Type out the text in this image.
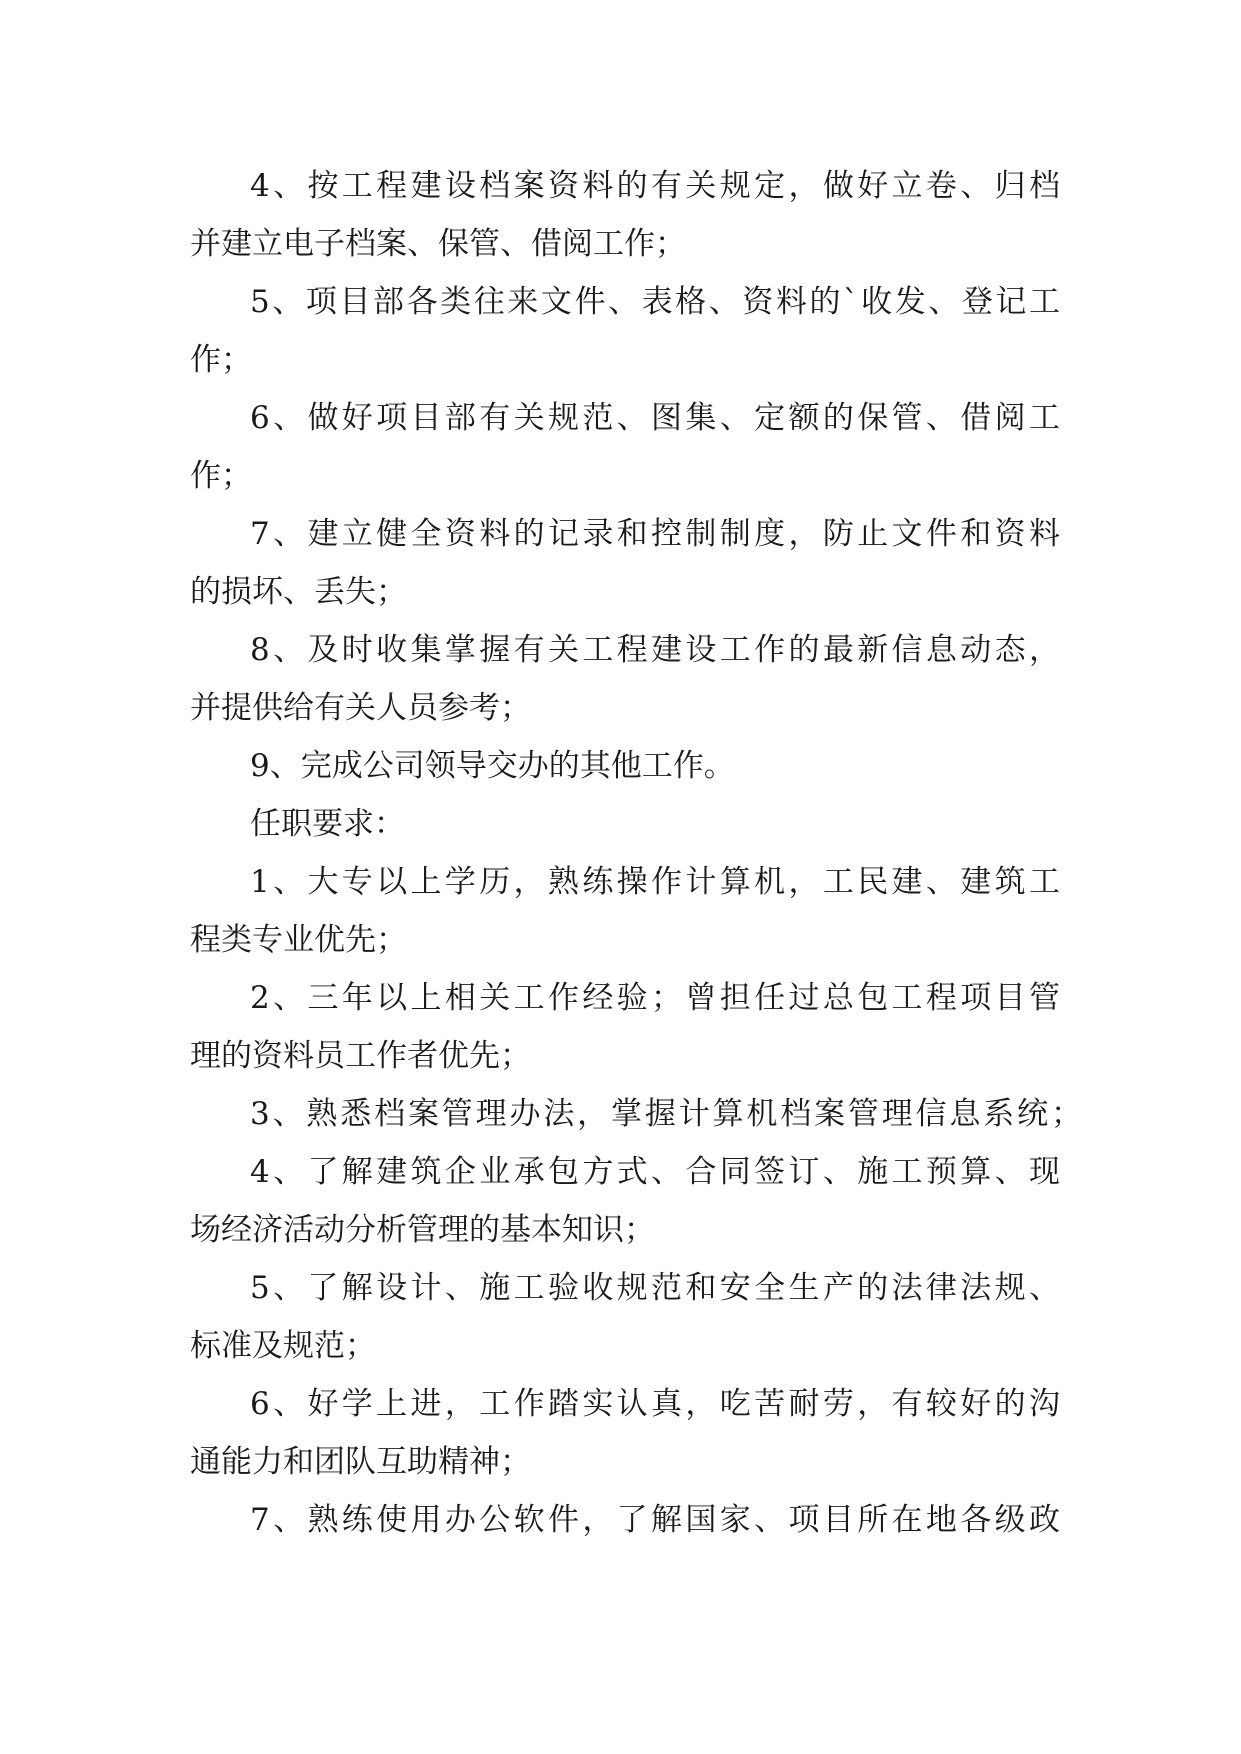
4、按工程建设档案资料的有关规定，做好立卷、归档

并建立电子档案、保管、借阅工作；

5、项目部各类往来文件、表格、资料的`收发、登记工

作；

6、做好项目部有关规范、图集、定额的保管、借阅工

作；

7、建立健全资料的记录和控制制度，防止文件和资料

的损坏、丢失；

8、及时收集掌握有关工程建设工作的最新信息动态，

并提供给有关人员参考；

9、完成公司领导交办的其他工作。

任职要求：

1、大专以上学历，熟练操作计算机，工民建、建筑工

程类专业优先；

2、三年以上相关工作经验；曾担任过总包工程项目管

理的资料员工作者优先；

3、熟悉档案管理办法，掌握计算机档案管理信息系统；

4、了解建筑企业承包方式、合同签订、施工预算、现

场经济活动分析管理的基本知识；

5、了解设计、施工验收规范和安全生产的法律法规、

标准及规范；

6、好学上进，工作踏实认真，吃苦耐劳，有较好的沟

通能力和团队互助精神；

7、熟练使用办公软件，了解国家、项目所在地各级政
